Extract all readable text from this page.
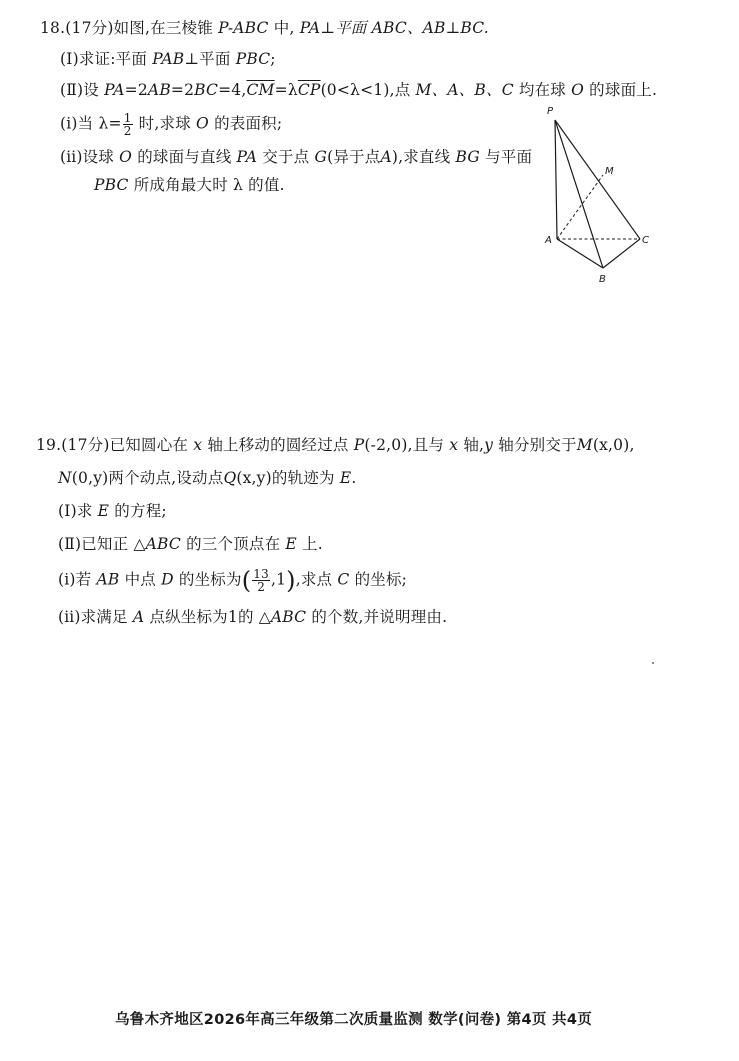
18.(17分)如图,在三棱锥 P-ABC 中, PA⊥平面 ABC、AB⊥BC.
(Ⅰ)求证:平面 PAB⊥平面 PBC;
(Ⅱ)设 $PA=2AB=2BC=4,\overline{CM}=\lambda\overline{CP}(0<\lambda<1)$,点 M、A、B、C 均在球 O 的球面上.
(ⅰ)当 $\lambda= \frac{1}{2}$ 时,求球 O 的表面积;
(ⅱ)设球 O 的球面与直线 PA 交于点 G(异于点A),求直线 BG 与平面
PBC 所成角最大时 λ 的值.
P
M
A	C
B
19.(17分)已知圆心在 x 轴上移动的圆经过点 P(-2,0),且与 x 轴,y 轴分别交于M(x,0),
N(0,y)两个动点,设动点Q(x,y)的轨迹为 E.
(Ⅰ)求 E 的方程;
(Ⅱ)已知正 △ABC 的三个顶点在 E 上.
(ⅰ)若 AB 中点 D 的坐标为( $\frac{13}{2} ,1$),求点 C 的坐标;
(ⅱ)求满足 A 点纵坐标为1的 △ABC 的个数,并说明理由.
乌鲁木齐地区2026年高三年级第二次质量监测 数学(问卷) 第4页 共4页
